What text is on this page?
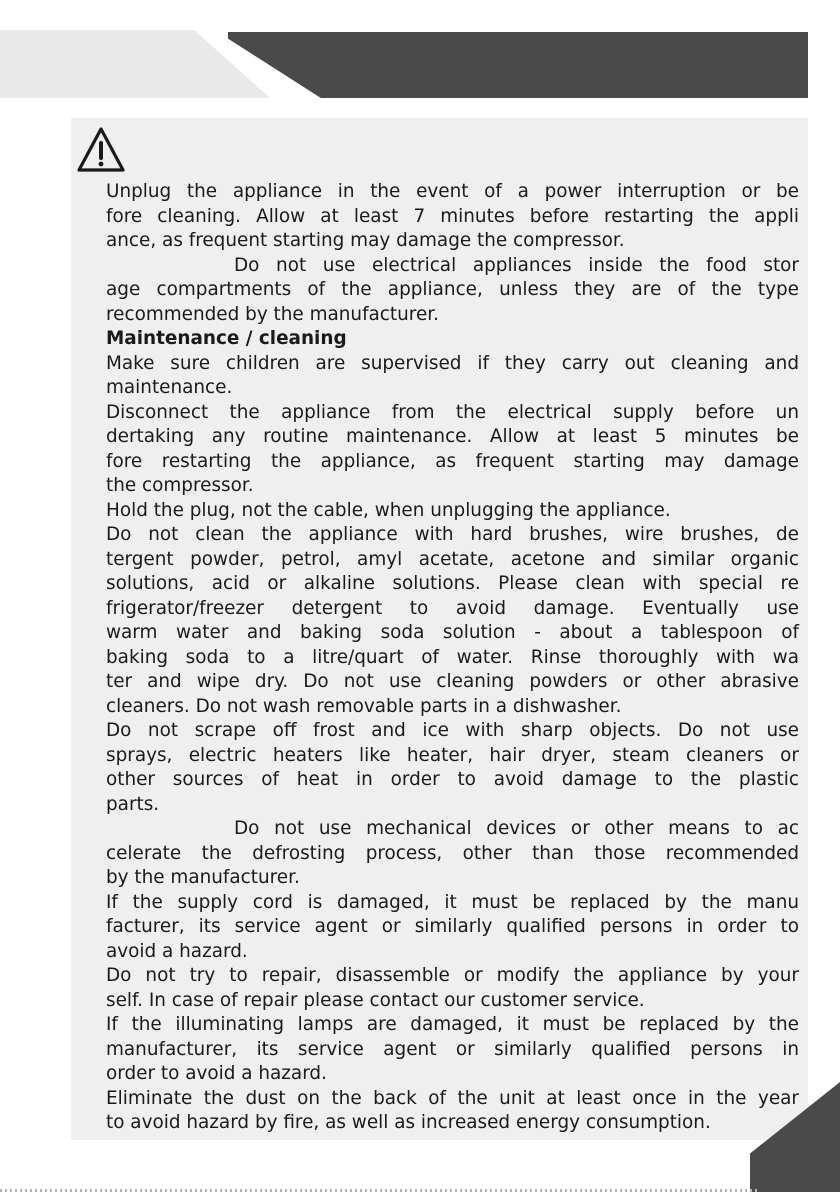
Unplug the appliance in the event of a power interruption or be
fore cleaning. Allow at least 7 minutes before restarting the appli
ance, as frequent starting may damage the compressor.

Do not use electrical appliances inside the food stor
age compartments of the appliance, unless they are of the type
recommended by the manufacturer.

Maintenance / cleaning

Make sure children are supervised if they carry out cleaning and
maintenance.

Disconnect the appliance from the electrical supply before un
dertaking any routine maintenance. Allow at least 5 minutes be
fore restarting the appliance, as frequent starting may damage
the compressor.

Hold the plug, not the cable, when unplugging the appliance.

Do not clean the appliance with hard brushes, wire brushes, de
tergent powder, petrol, amyl acetate, acetone and similar organic
solutions, acid or alkaline solutions. Please clean with special re
frigerator/freezer detergent to avoid damage. Eventually use
warm water and baking soda solution - about a tablespoon of
baking soda to a litre/quart of water. Rinse thoroughly with wa
ter and wipe dry. Do not use cleaning powders or other abrasive
cleaners. Do not wash removable parts in a dishwasher.

Do not scrape off frost and ice with sharp objects. Do not use
sprays, electric heaters like heater, hair dryer, steam cleaners or
other sources of heat in order to avoid damage to the plastic
parts.

Do not use mechanical devices or other means to ac
celerate the defrosting process, other than those recommended
by the manufacturer.

If the supply cord is damaged, it must be replaced by the manu
facturer, its service agent or similarly qualified persons in order to
avoid a hazard.

Do not try to repair, disassemble or modify the appliance by your
self. In case of repair please contact our customer service.

If the illuminating lamps are damaged, it must be replaced by the
manufacturer, its service agent or similarly qualified persons in
order to avoid a hazard.

Eliminate the dust on the back of the unit at least once in the year
to avoid hazard by fire, as well as increased energy consumption.
